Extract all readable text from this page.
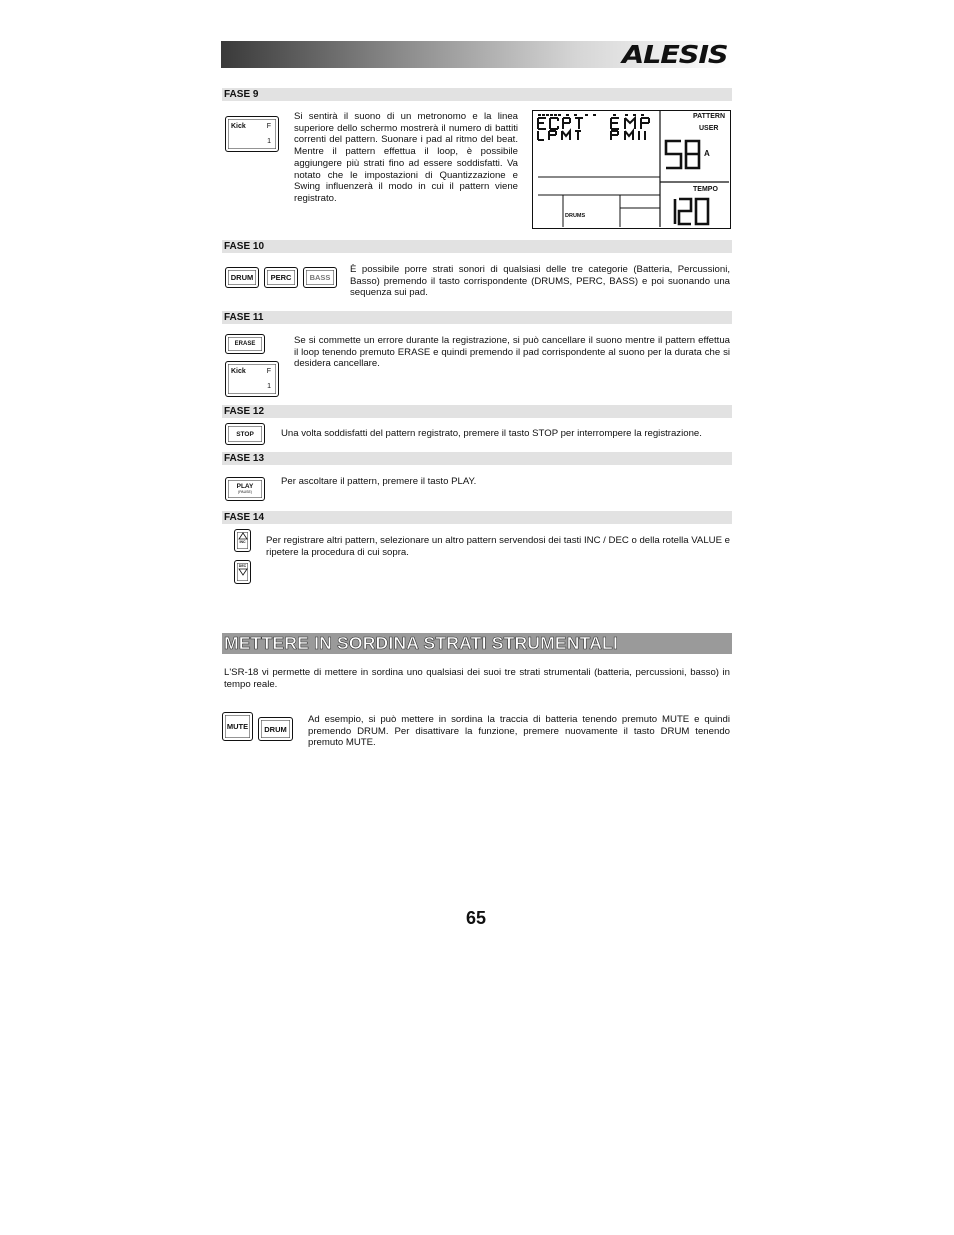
ALESIS
FASE 9
Kick	F
1
Si sentirà il suono di un metronomo e la linea superiore dello schermo mostrerà il numero di battiti correnti del pattern. Suonare i pad al ritmo del beat. Mentre il pattern effettua il loop, è possibile aggiungere più strati fino ad essere soddisfatti. Va notato che le impostazioni di Quantizzazione e Swing influenzerà il modo in cui il pattern viene registrato.
PATTERN
USER
A
TEMPO
DRUMS
FASE 10
DRUM	PERC	BASS
È possibile porre strati sonori di qualsiasi delle tre categorie (Batteria, Percussioni, Basso) premendo il tasto corrispondente (DRUMS, PERC, BASS) e poi suonando una sequenza sui pad.
FASE 11
ERASE
Kick	F
1
Se si commette un errore durante la registrazione, si può cancellare il suono mentre il pattern effettua il loop tenendo premuto ERASE e quindi premendo il pad corrispondente al suono per la durata che si desidera cancellare.
FASE 12
STOP	Una volta soddisfatti del pattern registrato, premere il tasto STOP per interrompere la registrazione.
FASE 13
PLAY
(PAUSE)
Per ascoltare il pattern, premere il tasto PLAY.
FASE 14
INC
DEC
Per registrare altri pattern, selezionare un altro pattern servendosi dei tasti INC / DEC o della rotella VALUE e ripetere la procedura di cui sopra.
METTERE IN SORDINA STRATI STRUMENTALI
L'SR-18 vi permette di mettere in sordina uno qualsiasi dei suoi tre strati strumentali (batteria, percussioni, basso) in tempo reale.
MUTE	DRUM
Ad esempio, si può mettere in sordina la traccia di batteria tenendo premuto MUTE e quindi premendo DRUM. Per disattivare la funzione, premere nuovamente il tasto DRUM tenendo premuto MUTE.
65
